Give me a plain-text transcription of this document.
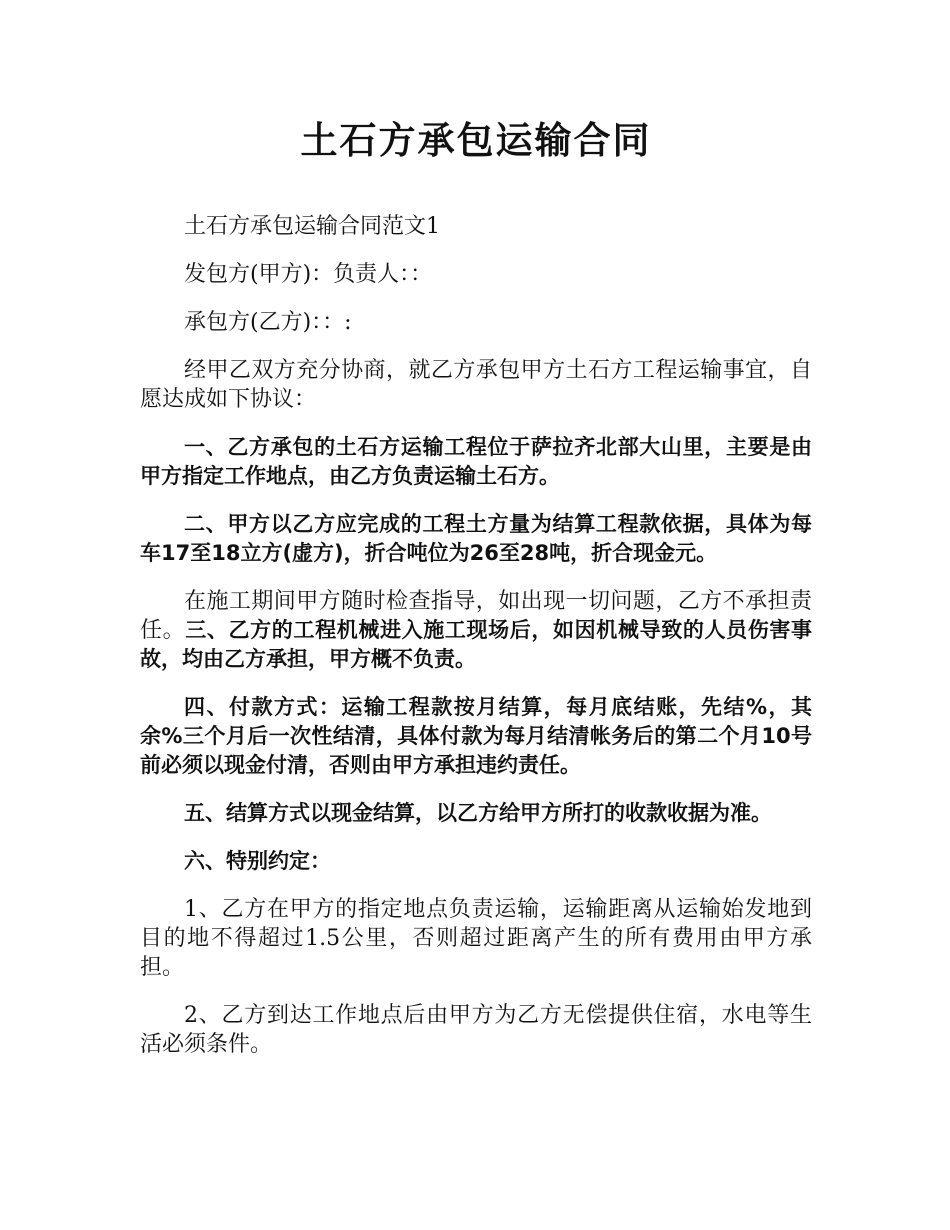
土石方承包运输合同

土石方承包运输合同范文1

发包方(甲方)：负责人：：

承包方(乙方)：：:

经甲乙双方充分协商，就乙方承包甲方土石方工程运输事宜，自愿达成如下协议：

一、乙方承包的土石方运输工程位于萨拉齐北部大山里，主要是由甲方指定工作地点，由乙方负责运输土石方。

二、甲方以乙方应完成的工程土方量为结算工程款依据，具体为每车17至18立方(虚方)，折合吨位为26至28吨，折合现金元。

在施工期间甲方随时检查指导，如出现一切问题，乙方不承担责任。三、乙方的工程机械进入施工现场后，如因机械导致的人员伤害事故，均由乙方承担，甲方概不负责。

四、付款方式：运输工程款按月结算，每月底结账，先结%，其余%三个月后一次性结清，具体付款为每月结清帐务后的第二个月10号前必须以现金付清，否则由甲方承担违约责任。

五、结算方式以现金结算，以乙方给甲方所打的收款收据为准。

六、特别约定：

1、乙方在甲方的指定地点负责运输，运输距离从运输始发地到目的地不得超过1.5公里，否则超过距离产生的所有费用由甲方承担。

2、乙方到达工作地点后由甲方为乙方无偿提供住宿，水电等生活必须条件。
